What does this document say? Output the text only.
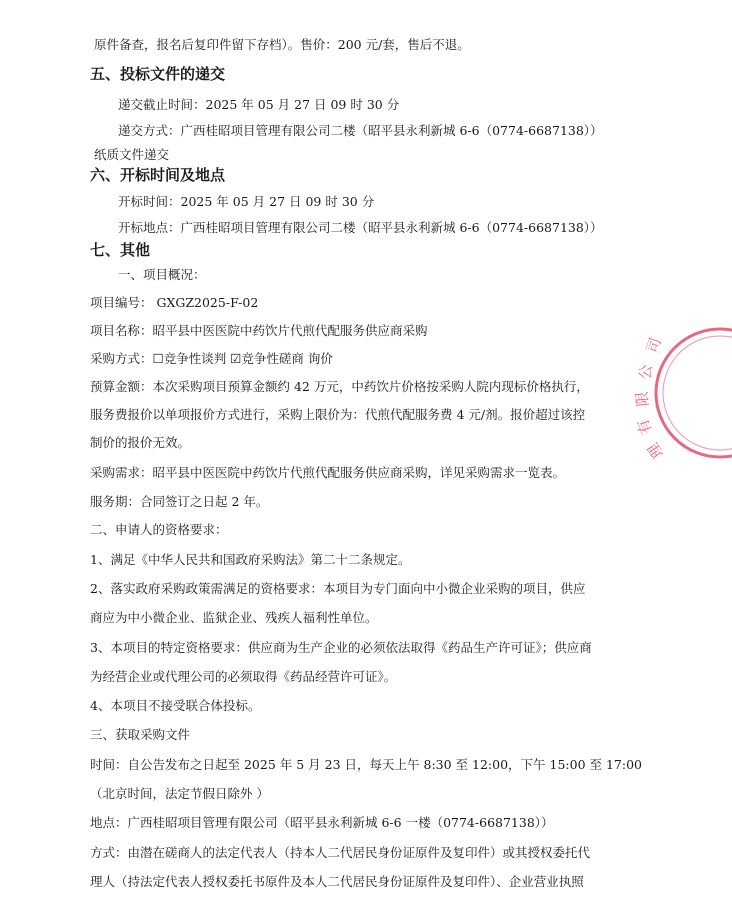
原件备查，报名后复印件留下存档）。售价：200 元/套，售后不退。
五、投标文件的递交
递交截止时间：2025 年 05 月 27 日 09 时 30 分
递交方式：广西桂昭项目管理有限公司二楼（昭平县永利新城 6-6（0774-6687138））
纸质文件递交
六、开标时间及地点
开标时间：2025 年 05 月 27 日 09 时 30 分
开标地点：广西桂昭项目管理有限公司二楼（昭平县永利新城 6-6（0774-6687138））
七、其他
一、项目概况：
项目编号： GXGZ2025-F-02
项目名称：昭平县中医医院中药饮片代煎代配服务供应商采购
采购方式：☐竞争性谈判 ☑竞争性磋商 询价
预算金额：本次采购项目预算金额约 42 万元，中药饮片价格按采购人院内现标价格执行，
服务费报价以单项报价方式进行，采购上限价为：代煎代配服务费 4 元/剂。报价超过该控
制价的报价无效。
采购需求：昭平县中医医院中药饮片代煎代配服务供应商采购，详见采购需求一览表。
服务期：合同签订之日起 2 年。
二、申请人的资格要求：
1、满足《中华人民共和国政府采购法》第二十二条规定。
2、落实政府采购政策需满足的资格要求：本项目为专门面向中小微企业采购的项目，供应
商应为中小微企业、监狱企业、残疾人福利性单位。
3、本项目的特定资格要求：供应商为生产企业的必须依法取得《药品生产许可证》；供应商
为经营企业或代理公司的必须取得《药品经营许可证》。
4、本项目不接受联合体投标。
三、获取采购文件
时间：自公告发布之日起至 2025 年 5 月 23 日，每天上午 8:30 至 12:00，下午 15:00 至 17:00
（北京时间，法定节假日除外 ）
地点：广西桂昭项目管理有限公司（昭平县永利新城 6-6 一楼（0774-6687138））
方式：由潜在磋商人的法定代表人（持本人二代居民身份证原件及复印件）或其授权委托代
理人（持法定代表人授权委托书原件及本人二代居民身份证原件及复印件）、企业营业执照
司
公
限
有
理
